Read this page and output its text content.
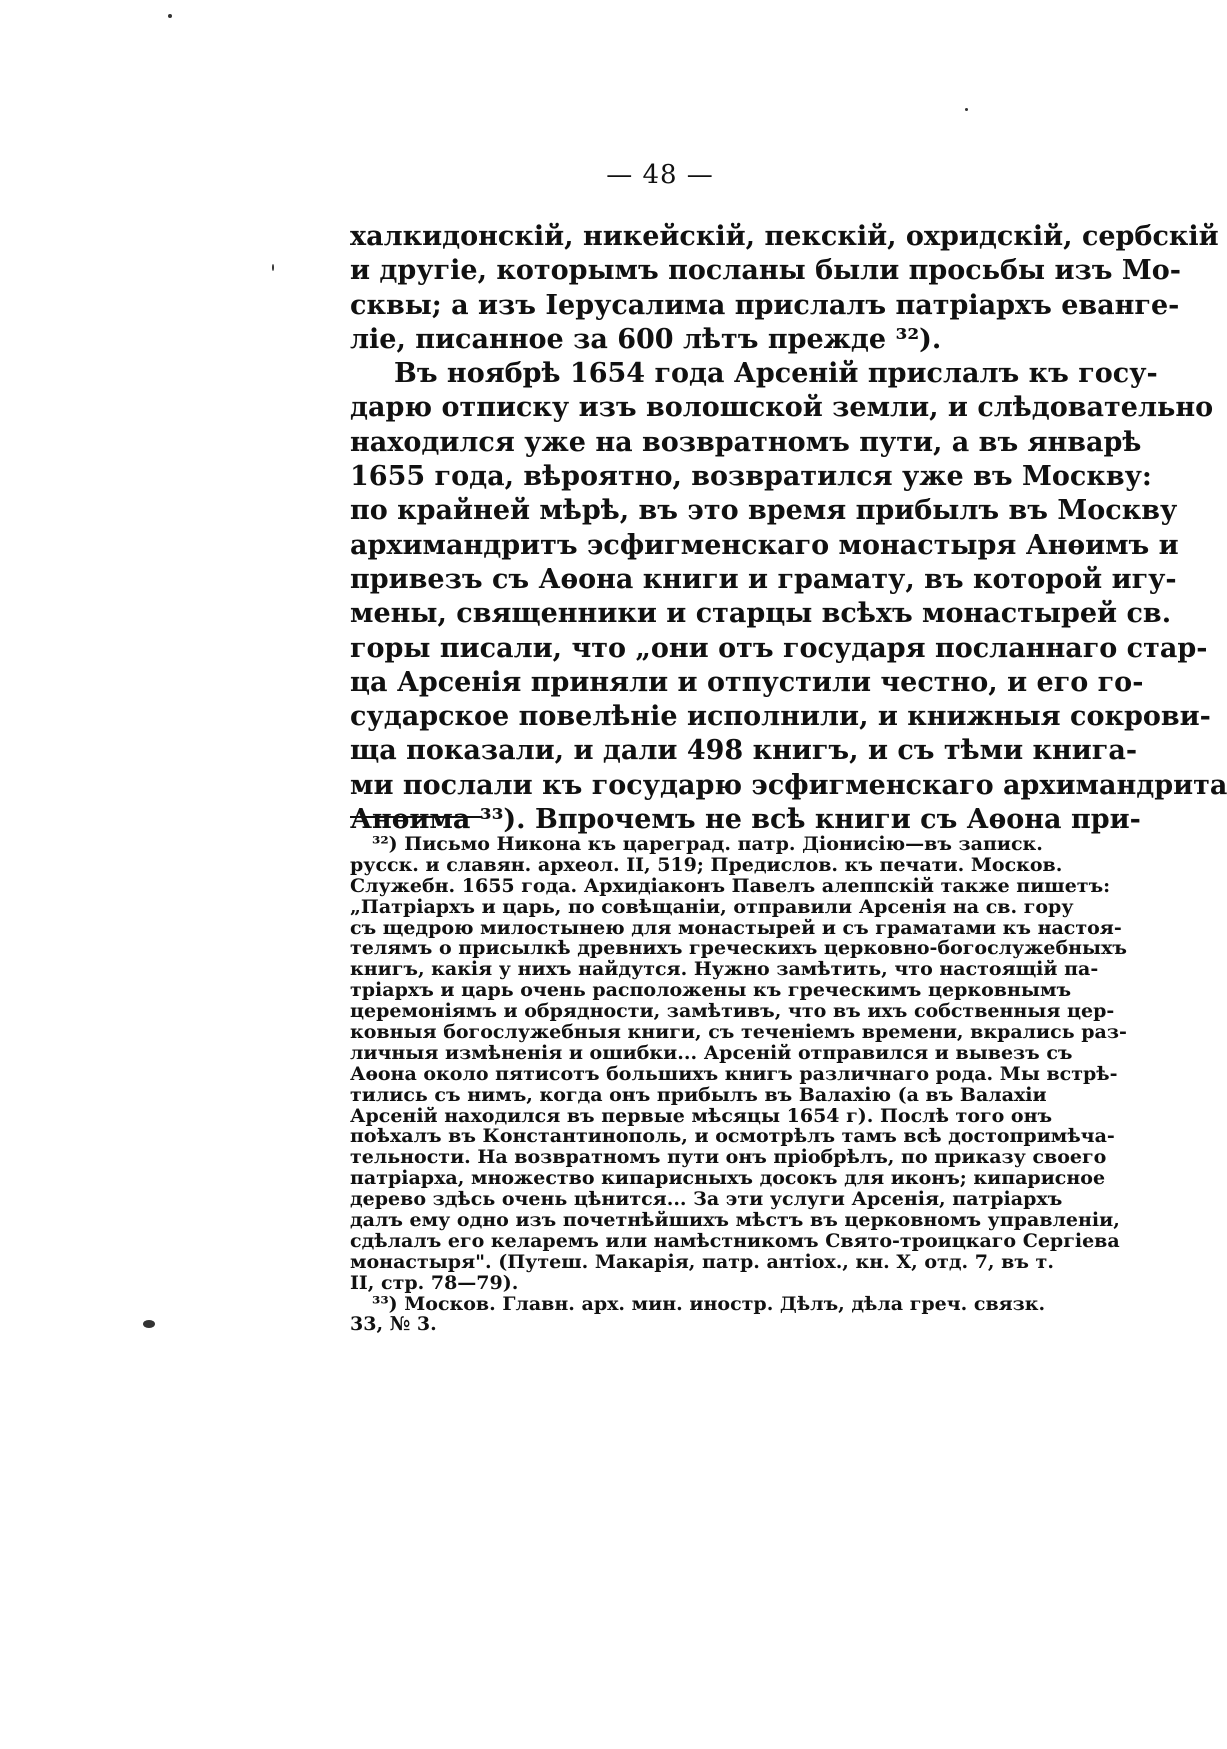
— 48 —
халкидонскій, никейскій, пекскій, охридскій, сербскій
и другіе, которымъ посланы были просьбы изъ Мо-
сквы; а изъ Іерусалима прислалъ патріархъ еванге-
ліе, писанное за 600 лѣтъ прежде ³²).
Въ ноябрѣ 1654 года Арсеній прислалъ къ госу-
дарю отписку изъ волошской земли, и слѣдовательно
находился уже на возвратномъ пути, а въ январѣ
1655 года, вѣроятно, возвратился уже въ Москву:
по крайней мѣрѣ, въ это время прибылъ въ Москву
архимандритъ эсфигменскаго монастыря Анѳимъ и
привезъ съ Аѳона книги и грамату, въ которой игу-
мены, священники и старцы всѣхъ монастырей св.
горы писали, что „они отъ государя посланнаго стар-
ца Арсенія приняли и отпустили честно, и его го-
сударское повелѣніе исполнили, и книжныя сокрови-
ща показали, и дали 498 книгъ, и съ тѣми книга-
ми послали къ государю эсфигменскаго архимандрита
Анѳима ³³). Впрочемъ не всѣ книги съ Аѳона при-
³²) Письмо Никона къ цареград. патр. Діонисію—въ записк.
русск. и славян. археол. II, 519; Предислов. къ печати. Москов.
Служебн. 1655 года. Архидіаконъ Павелъ алеппскій также пишетъ:
„Патріархъ и царь, по совѣщаніи, отправили Арсенія на св. гору
съ щедрою милостынею для монастырей и съ граматами къ настоя-
телямъ о присылкѣ древнихъ греческихъ церковно-богослужебныхъ
книгъ, какія у нихъ найдутся. Нужно замѣтить, что настоящій па-
тріархъ и царь очень расположены къ греческимъ церковнымъ
церемоніямъ и обрядности, замѣтивъ, что въ ихъ собственныя цер-
ковныя богослужебныя книги, съ теченіемъ времени, вкрались раз-
личныя измѣненія и ошибки... Арсеній отправился и вывезъ съ
Аѳона около пятисотъ большихъ книгъ различнаго рода. Мы встрѣ-
тились съ нимъ, когда онъ прибылъ въ Валахію (а въ Валахіи
Арсеній находился въ первые мѣсяцы 1654 г). Послѣ того онъ
поѣхалъ въ Константинополь, и осмотрѣлъ тамъ всѣ достопримѣча-
тельности. На возвратномъ пути онъ пріобрѣлъ, по приказу своего
патріарха, множество кипарисныхъ досокъ для иконъ; кипарисное
дерево здѣсь очень цѣнится... За эти услуги Арсенія, патріархъ
далъ ему одно изъ почетнѣйшихъ мѣстъ въ церковномъ управленіи,
сдѣлалъ его келаремъ или намѣстникомъ Свято-троицкаго Сергіева
монастыря". (Путеш. Макарія, патр. антіох., кн. X, отд. 7, въ т.
II, стр. 78—79).
³³) Москов. Главн. арх. мин. иностр. Дѣлъ, дѣла греч. связк.
33, № 3.
